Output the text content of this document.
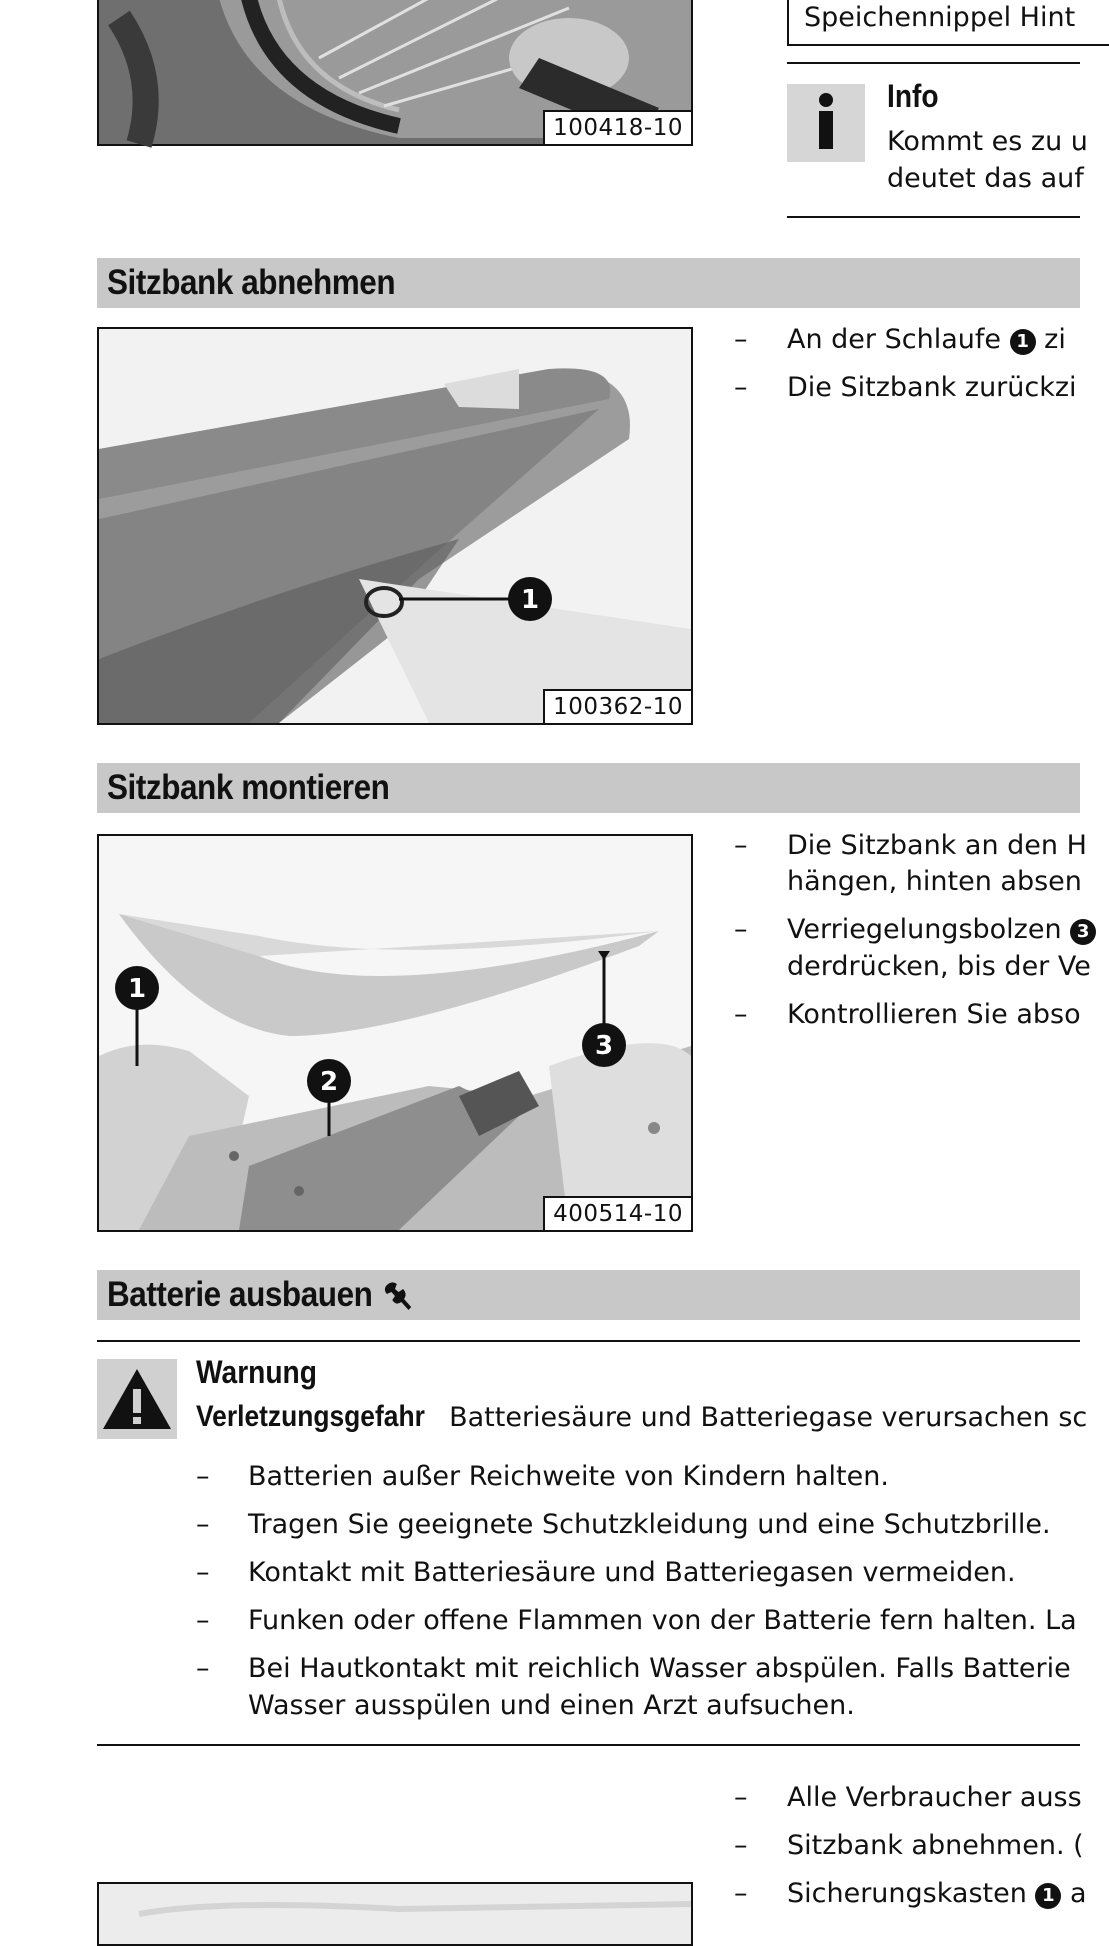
100418-10
Speichennippel Hint
Info
Kommt es zu u
deutet das auf
Sitzbank abnehmen
1
100362-10
– An der Schlaufe 1 zi
– Die Sitzbank zurückzi
Sitzbank montieren
1
2
3
400514-10
– Die Sitzbank an den H
hängen, hinten absen
– Verriegelungsbolzen 3
derdrücken, bis der Ve
– Kontrollieren Sie abso
Batterie ausbauen
Warnung
Verletzungsgefahr Batteriesäure und Batteriegase verursachen sc
– Batterien außer Reichweite von Kindern halten.
– Tragen Sie geeignete Schutzkleidung und eine Schutzbrille.
– Kontakt mit Batteriesäure und Batteriegasen vermeiden.
– Funken oder offene Flammen von der Batterie fern halten. La
– Bei Hautkontakt mit reichlich Wasser abspülen. Falls Batterie
Wasser ausspülen und einen Arzt aufsuchen.
– Alle Verbraucher auss
– Sitzbank abnehmen. (
– Sicherungskasten 1 a
